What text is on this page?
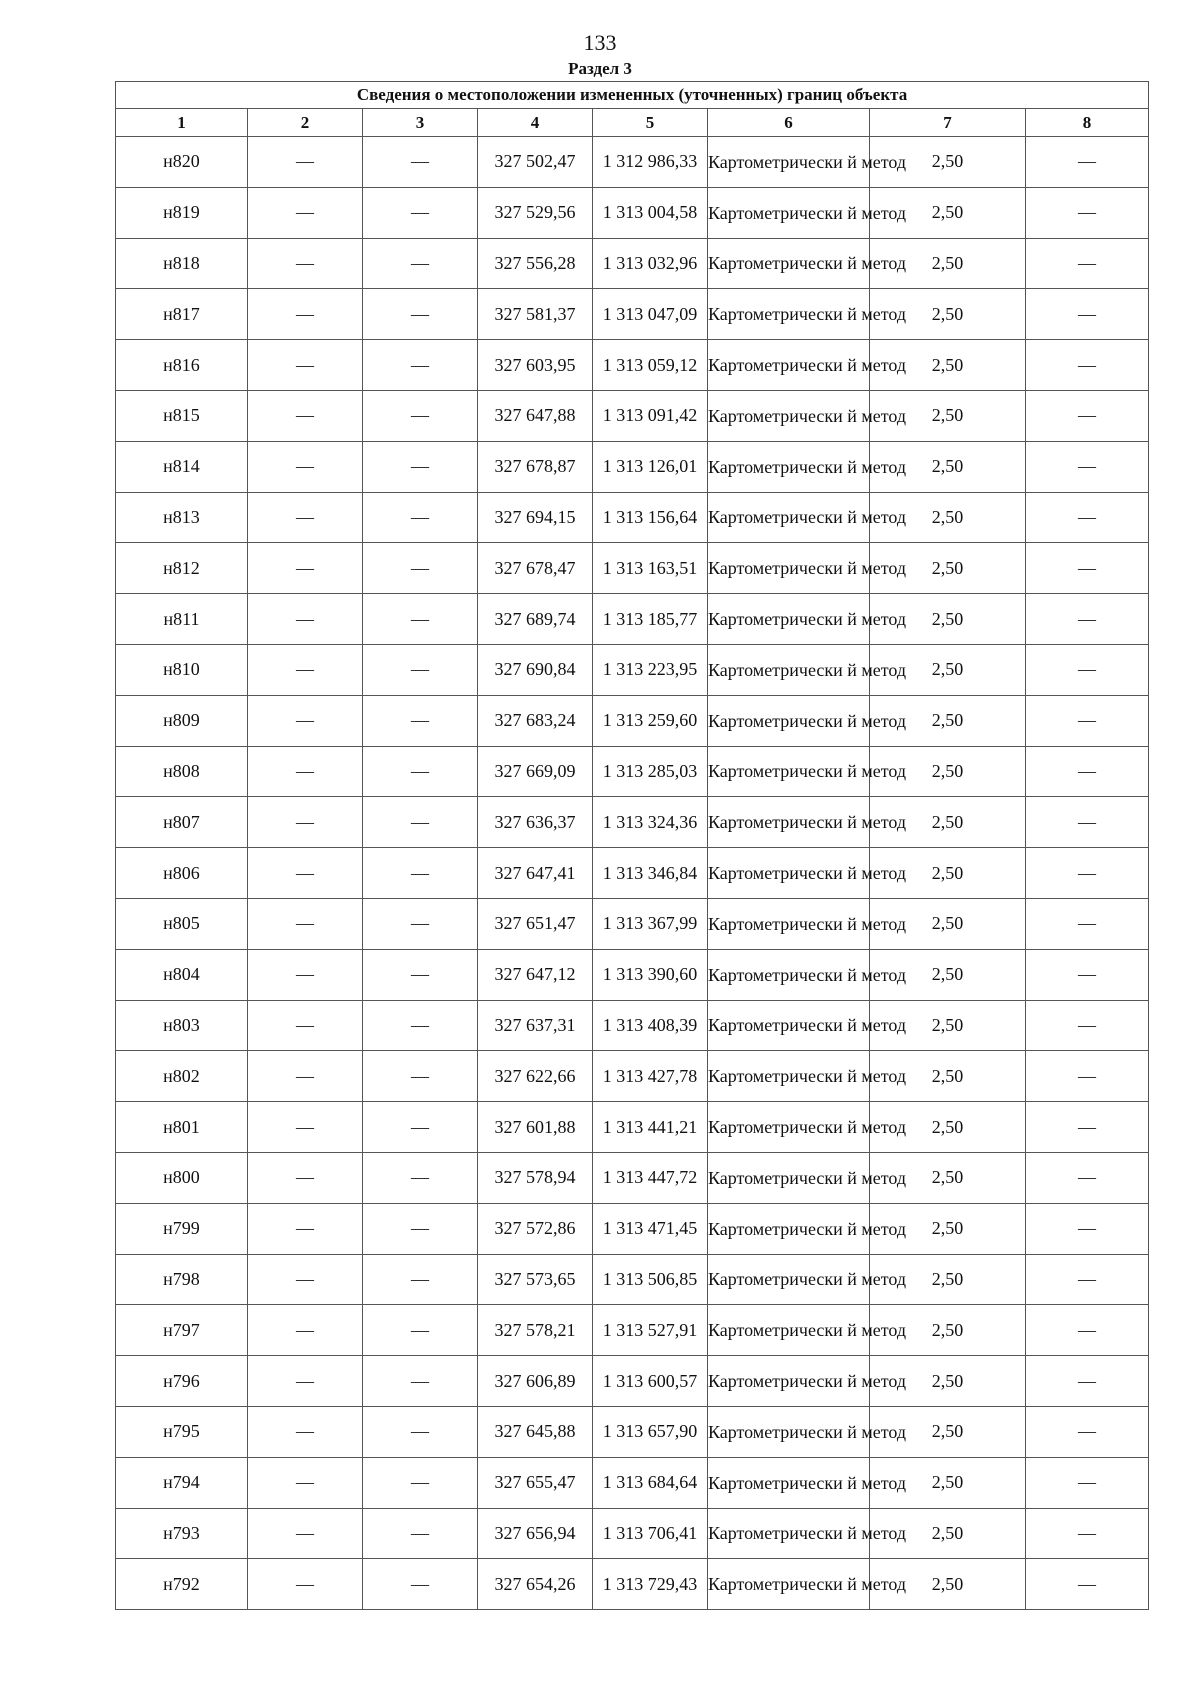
133
Раздел 3
Сведения о местоположении измененных (уточненных) границ объекта							
1	2	3	4	5	6	7	8
н820	—	—	327 502,47	1 312 986,33	Картометрически й метод	2,50	—
н819	—	—	327 529,56	1 313 004,58	Картометрически й метод	2,50	—
н818	—	—	327 556,28	1 313 032,96	Картометрически й метод	2,50	—
н817	—	—	327 581,37	1 313 047,09	Картометрически й метод	2,50	—
н816	—	—	327 603,95	1 313 059,12	Картометрически й метод	2,50	—
н815	—	—	327 647,88	1 313 091,42	Картометрически й метод	2,50	—
н814	—	—	327 678,87	1 313 126,01	Картометрически й метод	2,50	—
н813	—	—	327 694,15	1 313 156,64	Картометрически й метод	2,50	—
н812	—	—	327 678,47	1 313 163,51	Картометрически й метод	2,50	—
н811	—	—	327 689,74	1 313 185,77	Картометрически й метод	2,50	—
н810	—	—	327 690,84	1 313 223,95	Картометрически й метод	2,50	—
н809	—	—	327 683,24	1 313 259,60	Картометрически й метод	2,50	—
н808	—	—	327 669,09	1 313 285,03	Картометрически й метод	2,50	—
н807	—	—	327 636,37	1 313 324,36	Картометрически й метод	2,50	—
н806	—	—	327 647,41	1 313 346,84	Картометрически й метод	2,50	—
н805	—	—	327 651,47	1 313 367,99	Картометрически й метод	2,50	—
н804	—	—	327 647,12	1 313 390,60	Картометрически й метод	2,50	—
н803	—	—	327 637,31	1 313 408,39	Картометрически й метод	2,50	—
н802	—	—	327 622,66	1 313 427,78	Картометрически й метод	2,50	—
н801	—	—	327 601,88	1 313 441,21	Картометрически й метод	2,50	—
н800	—	—	327 578,94	1 313 447,72	Картометрически й метод	2,50	—
н799	—	—	327 572,86	1 313 471,45	Картометрически й метод	2,50	—
н798	—	—	327 573,65	1 313 506,85	Картометрически й метод	2,50	—
н797	—	—	327 578,21	1 313 527,91	Картометрически й метод	2,50	—
н796	—	—	327 606,89	1 313 600,57	Картометрически й метод	2,50	—
н795	—	—	327 645,88	1 313 657,90	Картометрически й метод	2,50	—
н794	—	—	327 655,47	1 313 684,64	Картометрически й метод	2,50	—
н793	—	—	327 656,94	1 313 706,41	Картометрически й метод	2,50	—
н792	—	—	327 654,26	1 313 729,43	Картометрически й метод	2,50	—
